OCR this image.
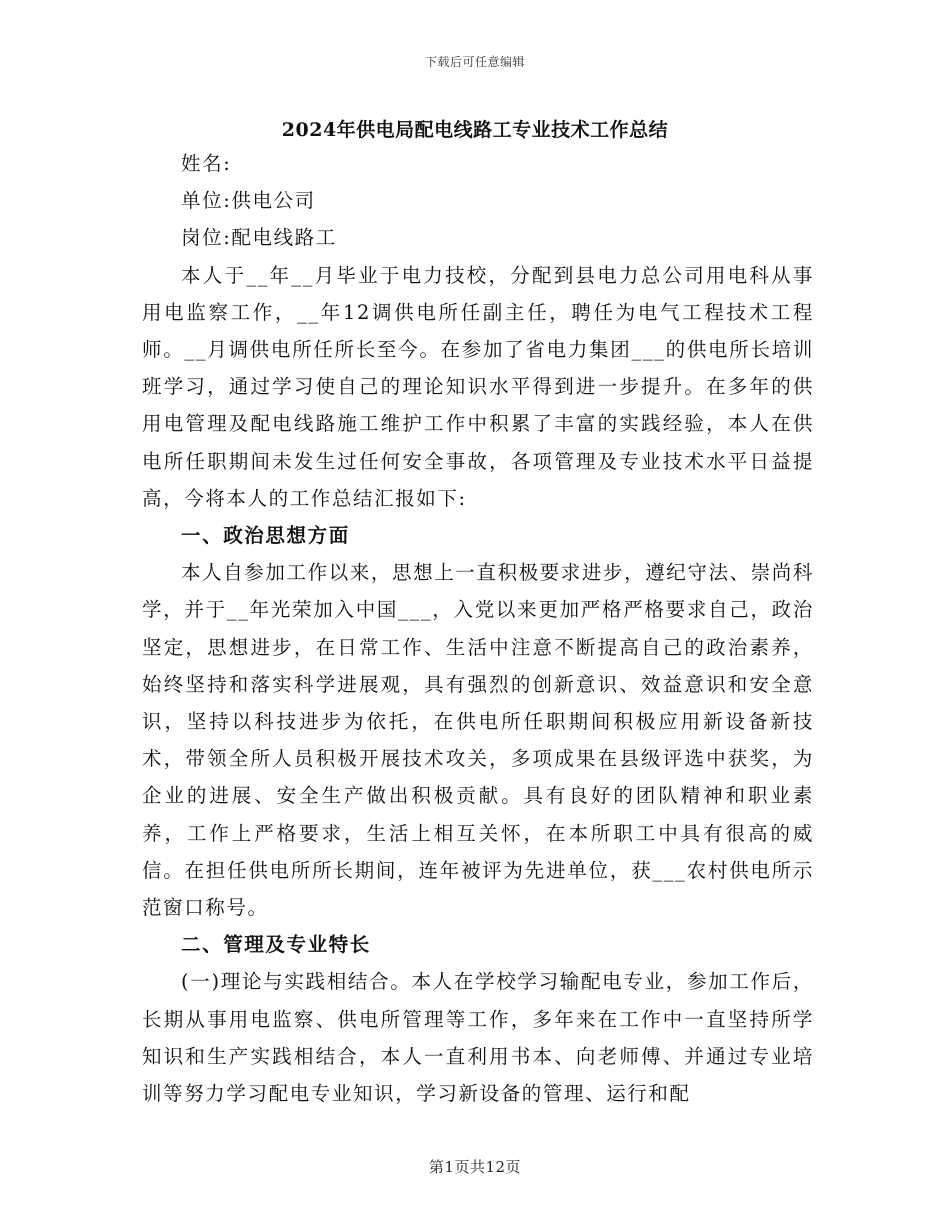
下载后可任意编辑
2024年供电局配电线路工专业技术工作总结

姓名:

单位:供电公司

岗位:配电线路工

本人于__年__月毕业于电力技校，分配到县电力总公司用电科从事用电监察工作，__年12调供电所任副主任，聘任为电气工程技术工程师。__月调供电所任所长至今。在参加了省电力集团___的供电所长培训班学习，通过学习使自己的理论知识水平得到进一步提升。在多年的供用电管理及配电线路施工维护工作中积累了丰富的实践经验，本人在供电所任职期间未发生过任何安全事故，各项管理及专业技术水平日益提高，今将本人的工作总结汇报如下:

一、政治思想方面

本人自参加工作以来，思想上一直积极要求进步，遵纪守法、崇尚科学，并于__年光荣加入中国___，入党以来更加严格严格要求自己，政治坚定，思想进步，在日常工作、生活中注意不断提高自己的政治素养，始终坚持和落实科学进展观，具有强烈的创新意识、效益意识和安全意识，坚持以科技进步为依托，在供电所任职期间积极应用新设备新技术，带领全所人员积极开展技术攻关，多项成果在县级评选中获奖，为企业的进展、安全生产做出积极贡献。具有良好的团队精神和职业素养，工作上严格要求，生活上相互关怀，在本所职工中具有很高的威信。在担任供电所所长期间，连年被评为先进单位，获___农村供电所示范窗口称号。

二、管理及专业特长

(一)理论与实践相结合。本人在学校学习输配电专业，参加工作后，长期从事用电监察、供电所管理等工作，多年来在工作中一直坚持所学知识和生产实践相结合，本人一直利用书本、向老师傅、并通过专业培训等努力学习配电专业知识，学习新设备的管理、运行和配

第1页共12页
